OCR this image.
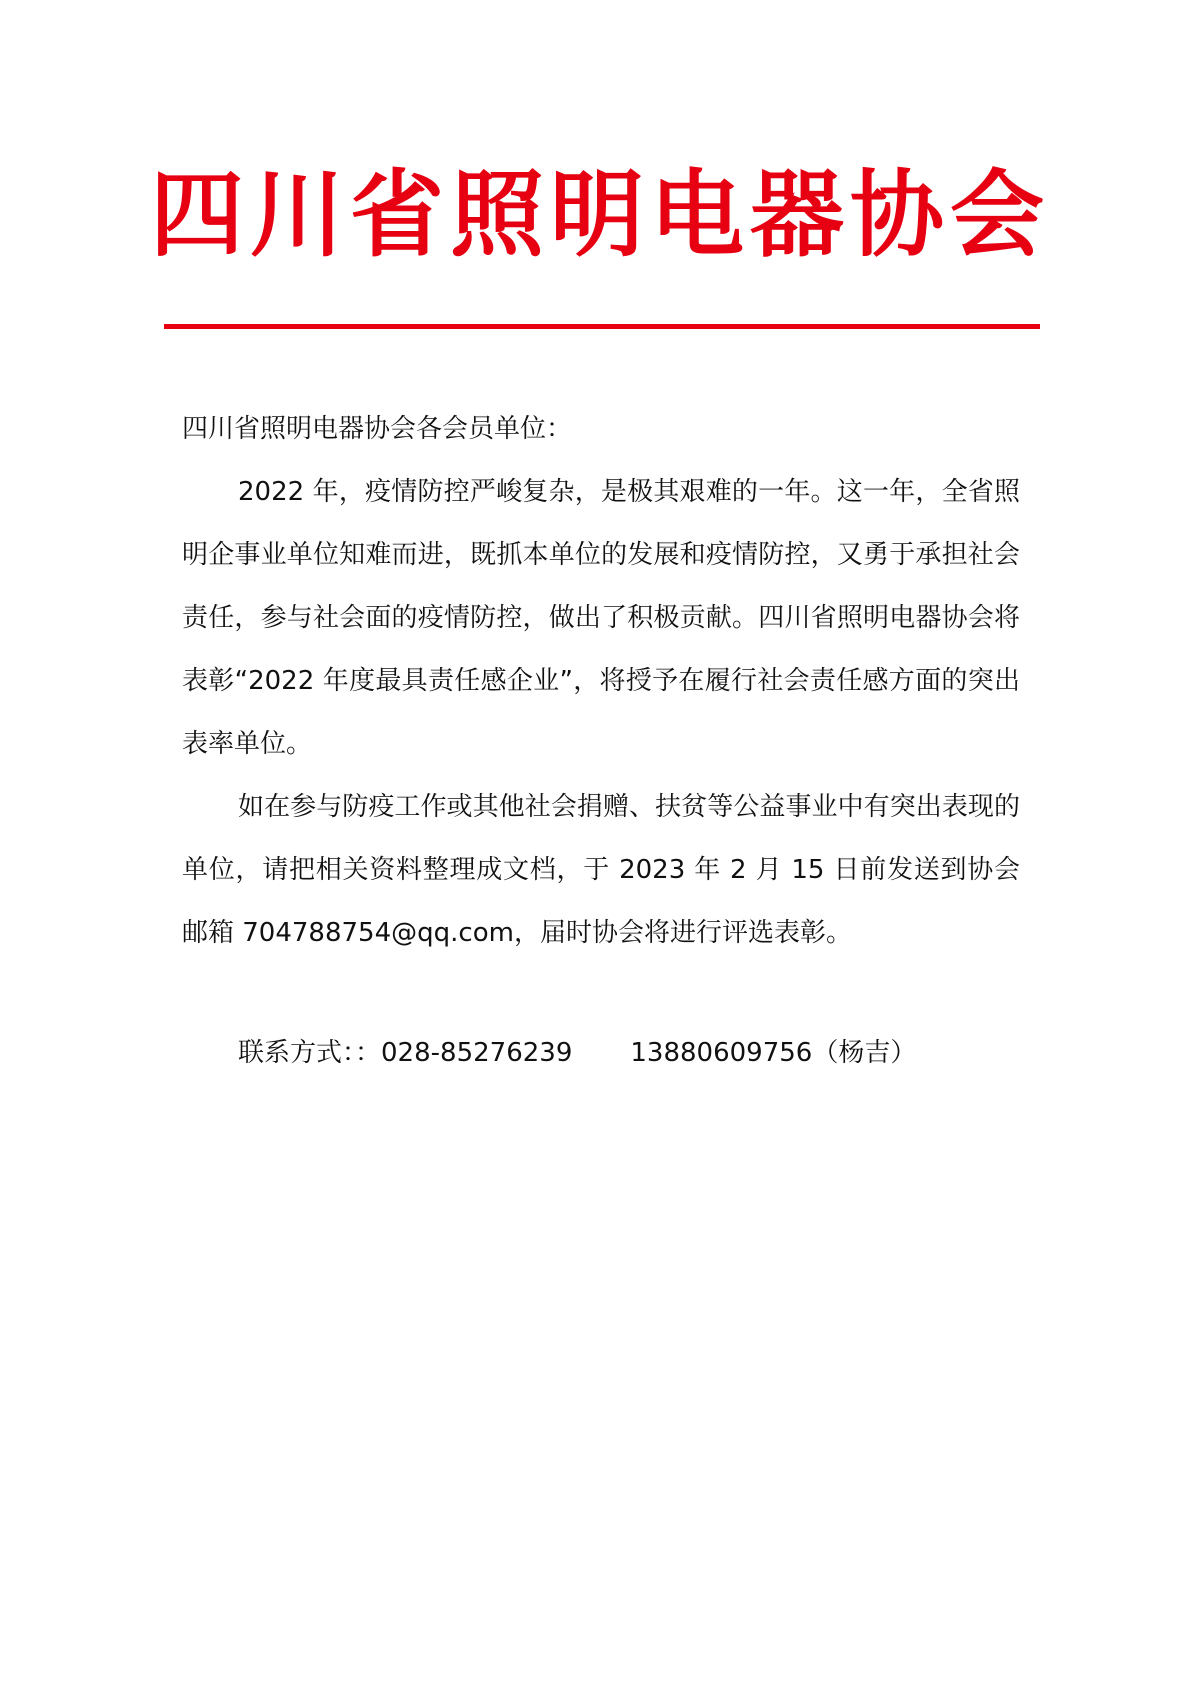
四川省照明电器协会

四川省照明电器协会各会员单位：

2022 年，疫情防控严峻复杂，是极其艰难的一年。这一年，全省照明企事业单位知难而进，既抓本单位的发展和疫情防控，又勇于承担社会责任，参与社会面的疫情防控，做出了积极贡献。四川省照明电器协会将表彰“2022 年度最具责任感企业”，将授予在履行社会责任感方面的突出表率单位。

如在参与防疫工作或其他社会捐赠、扶贫等公益事业中有突出表现的单位，请把相关资料整理成文档，于 2023 年 2 月 15 日前发送到协会邮箱 704788754@qq.com，届时协会将进行评选表彰。

联系方式：：028-85276239 13880609756（杨吉）
